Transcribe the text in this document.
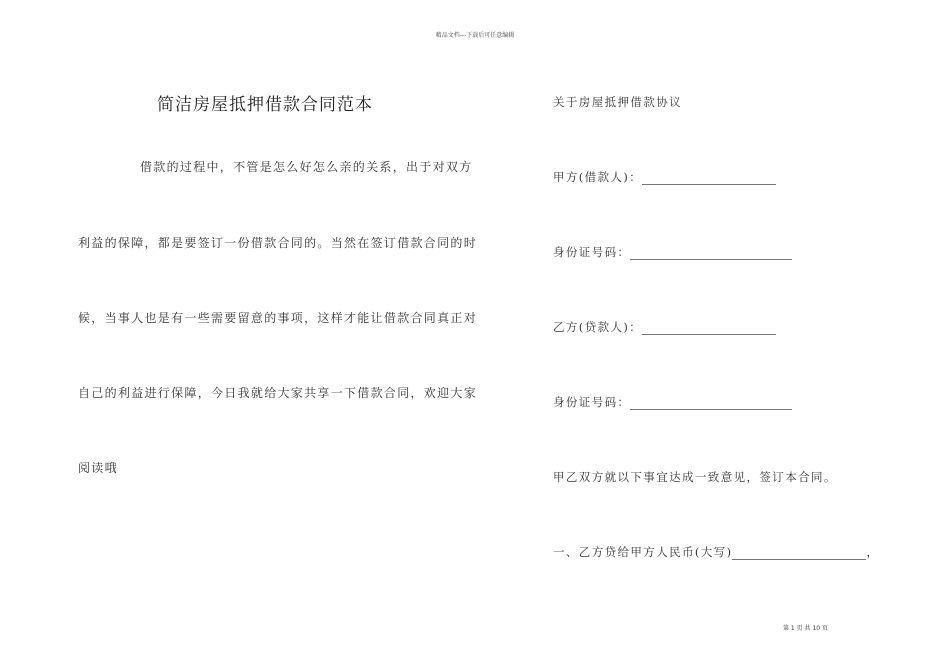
精品文档---下载后可任意编辑
简洁房屋抵押借款合同范本
借款的过程中，不管是怎么好怎么亲的关系，出于对双方
利益的保障，都是要签订一份借款合同的。当然在签订借款合同的时
候，当事人也是有一些需要留意的事项，这样才能让借款合同真正对
自己的利益进行保障，今日我就给大家共享一下借款合同，欢迎大家
阅读哦
关于房屋抵押借款协议
甲方(借款人)：
身份证号码：
乙方(贷款人)：
身份证号码：
甲乙双方就以下事宜达成一致意见，签订本合同。
一、乙方贷给甲方人民币(大写)	，
第 1 页 共 10 页
